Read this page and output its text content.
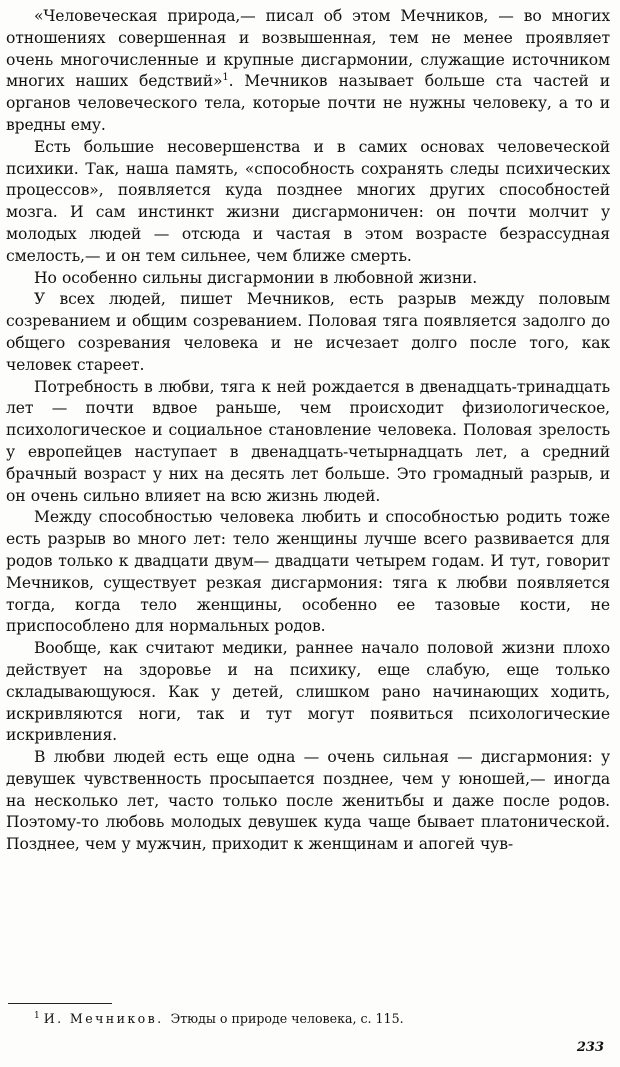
«Человеческая природа,— писал об этом Мечников, — во многих отношениях совершенная и возвышенная, тем не менее проявляет очень многочисленные и крупные дисгармонии, служащие источником многих наших бедствий»$^1$. Мечников называет больше ста частей и органов человеческого тела, которые почти не нужны человеку, а то и вредны ему.

Есть большие несовершенства и в самих основах человеческой психики. Так, наша память, «способность сохранять следы психических процессов», появляется куда позднее многих других способностей мозга. И сам инстинкт жизни дисгармоничен: он почти молчит у молодых людей — отсюда и частая в этом возрасте безрассудная смелость,— и он тем сильнее, чем ближе смерть.

Но особенно сильны дисгармонии в любовной жизни.

У всех людей, пишет Мечников, есть разрыв между половым созреванием и общим созреванием. Половая тяга появляется задолго до общего созревания человека и не исчезает долго после того, как человек стареет.

Потребность в любви, тяга к ней рождается в двенадцать-тринадцать лет — почти вдвое раньше, чем происходит физиологическое, психологическое и социальное становление человека. Половая зрелость у европейцев наступает в двенадцать-четырнадцать лет, а средний брачный возраст у них на десять лет больше. Это громадный разрыв, и он очень сильно влияет на всю жизнь людей.

Между способностью человека любить и способностью родить тоже есть разрыв во много лет: тело женщины лучше всего развивается для родов только к двадцати двум— двадцати четырем годам. И тут, говорит Мечников, существует резкая дисгармония: тяга к любви появляется тогда, когда тело женщины, особенно ее тазовые кости, не приспособлено для нормальных родов.

Вообще, как считают медики, раннее начало половой жизни плохо действует на здоровье и на психику, еще слабую, еще только складывающуюся. Как у детей, слишком рано начинающих ходить, искривляются ноги, так и тут могут появиться психологические искривления.

В любви людей есть еще одна — очень сильная — дисгармония: у девушек чувственность просыпается позднее, чем у юношей,— иногда на несколько лет, часто только после женитьбы и даже после родов. Поэтому-то любовь молодых девушек куда чаще бывает платонической. Позднее, чем у мужчин, приходит к женщинам и апогей чув-

$^1$ И. Мечников. Этюды о природе человека, с. 115.
233
